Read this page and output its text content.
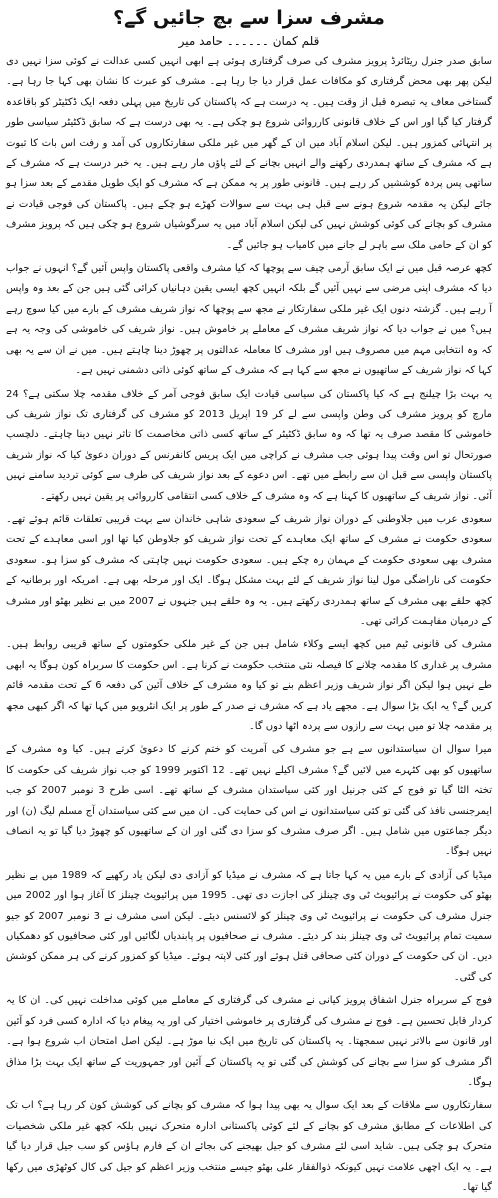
مشرف سزا سے بچ جائیں گے؟
قلم کمان ۔۔۔۔۔۔ حامد میر

سابق صدر جنرل ریٹائرڈ پرویز مشرف کی صرف گرفتاری ہوئی ہے ابھی انہیں کسی عدالت نے کوئی سزا نہیں دی لیکن پھر بھی محض گرفتاری کو مکافات عمل قرار دیا جا رہا ہے۔ مشرف کو عبرت کا نشان بھی کہا جا رہا ہے۔ گستاخی معاف یہ تبصرہ قبل از وقت ہیں۔ یہ درست ہے کہ پاکستان کی تاریخ میں پہلی دفعہ ایک ڈکٹیٹر کو باقاعدہ گرفتار کیا گیا اور اس کے خلاف قانونی کارروائی شروع ہو چکی ہے۔ یہ بھی درست ہے کہ سابق ڈکٹیٹر سیاسی طور پر انتہائی کمزور ہیں۔ لیکن اسلام آباد میں ان کے گھر میں غیر ملکی سفارتکاروں کی آمد و رفت اس بات کا ثبوت ہے کہ مشرف کے ساتھ ہمدردی رکھنے والے انہیں بچانے کے لئے پاؤں مار رہے ہیں۔ یہ خبر درست ہے کہ مشرف کے ساتھی پس پردہ کوششیں کر رہے ہیں۔ قانونی طور پر یہ ممکن ہے کہ مشرف کو ایک طویل مقدمے کے بعد سزا ہو جائے لیکن یہ مقدمہ شروع ہونے سے قبل ہی بہت سے سوالات کھڑے ہو چکے ہیں۔ پاکستان کی فوجی قیادت نے مشرف کو بچانے کی کوئی کوشش نہیں کی لیکن اسلام آباد میں یہ سرگوشیاں شروع ہو چکی ہیں کہ پرویز مشرف کو ان کے حامی ملک سے باہر لے جانے میں کامیاب ہو جائیں گے۔

کچھ عرصہ قبل میں نے ایک سابق آرمی چیف سے پوچھا کہ کیا مشرف واقعی پاکستان واپس آئیں گے؟ انہوں نے جواب دیا کہ مشرف اپنی مرضی سے نہیں آئیں گے بلکہ انہیں کچھ ایسی یقین دہانیاں کرائی گئی ہیں جن کے بعد وہ واپس آ رہے ہیں۔ گزشتہ دنوں ایک غیر ملکی سفارتکار نے مجھ سے پوچھا کہ نواز شریف مشرف کے بارے میں کیا سوچ رہے ہیں؟ میں نے جواب دیا کہ نواز شریف مشرف کے معاملے پر خاموش ہیں۔ نواز شریف کی خاموشی کی وجہ یہ ہے کہ وہ انتخابی مہم میں مصروف ہیں اور مشرف کا معاملہ عدالتوں پر چھوڑ دینا چاہتے ہیں۔ میں نے ان سے یہ بھی کہا کہ نواز شریف کے ساتھیوں نے مجھ سے کہا ہے کہ مشرف کے ساتھ کوئی ذاتی دشمنی نہیں ہے۔

یہ بہت بڑا چیلنج ہے کہ کیا پاکستان کی سیاسی قیادت ایک سابق فوجی آمر کے خلاف مقدمہ چلا سکتی ہے؟ 24 مارچ کو پرویز مشرف کی وطن واپسی سے لے کر 19 اپریل 2013 کو مشرف کی گرفتاری تک نواز شریف کی خاموشی کا مقصد صرف یہ تھا کہ وہ سابق ڈکٹیٹر کے ساتھ کسی ذاتی مخاصمت کا تاثر نہیں دینا چاہتے۔ دلچسپ صورتحال تو اس وقت پیدا ہوئی جب مشرف نے کراچی میں ایک پریس کانفرنس کے دوران دعویٰ کیا کہ نواز شریف پاکستان واپسی سے قبل ان سے رابطے میں تھے۔ اس دعوے کے بعد نواز شریف کی طرف سے کوئی تردید سامنے نہیں آئی۔ نواز شریف کے ساتھیوں کا کہنا ہے کہ وہ مشرف کے خلاف کسی انتقامی کارروائی پر یقین نہیں رکھتے۔

سعودی عرب میں جلاوطنی کے دوران نواز شریف کے سعودی شاہی خاندان سے بہت قریبی تعلقات قائم ہوئے تھے۔ سعودی حکومت نے مشرف کے ساتھ ایک معاہدے کے تحت نواز شریف کو جلاوطن کیا تھا اور اسی معاہدے کے تحت مشرف بھی سعودی حکومت کے مہمان رہ چکے ہیں۔ سعودی حکومت نہیں چاہتی کہ مشرف کو سزا ہو۔ سعودی حکومت کی ناراضگی مول لینا نواز شریف کے لئے بہت مشکل ہوگا۔ ایک اور مرحلہ بھی ہے۔ امریکہ اور برطانیہ کے کچھ حلقے بھی مشرف کے ساتھ ہمدردی رکھتے ہیں۔ یہ وہ حلقے ہیں جنہوں نے 2007 میں بے نظیر بھٹو اور مشرف کے درمیان مفاہمت کرائی تھی۔

مشرف کی قانونی ٹیم میں کچھ ایسے وکلاء شامل ہیں جن کے غیر ملکی حکومتوں کے ساتھ قریبی روابط ہیں۔ مشرف پر غداری کا مقدمہ چلانے کا فیصلہ نئی منتخب حکومت نے کرنا ہے۔ اس حکومت کا سربراہ کون ہوگا یہ ابھی طے نہیں ہوا لیکن اگر نواز شریف وزیر اعظم بنے تو کیا وہ مشرف کے خلاف آئین کی دفعہ 6 کے تحت مقدمہ قائم کریں گے؟ یہ ایک بڑا سوال ہے۔ مجھے یاد ہے کہ مشرف نے صدر کے طور پر ایک انٹرویو میں کہا تھا کہ اگر کبھی مجھ پر مقدمہ چلا تو میں بہت سے رازوں سے پردہ اٹھا دوں گا۔

میرا سوال ان سیاستدانوں سے ہے جو مشرف کی آمریت کو ختم کرنے کا دعویٰ کرتے ہیں۔ کیا وہ مشرف کے ساتھیوں کو بھی کٹہرے میں لائیں گے؟ مشرف اکیلے نہیں تھے۔ 12 اکتوبر 1999 کو جب نواز شریف کی حکومت کا تختہ الٹا گیا تو فوج کے کئی جرنیل اور کئی سیاستدان مشرف کے ساتھ تھے۔ اسی طرح 3 نومبر 2007 کو جب ایمرجنسی نافذ کی گئی تو کئی سیاستدانوں نے اس کی حمایت کی۔ ان میں سے کئی سیاستدان آج مسلم لیگ (ن) اور دیگر جماعتوں میں شامل ہیں۔ اگر صرف مشرف کو سزا دی گئی اور ان کے ساتھیوں کو چھوڑ دیا گیا تو یہ انصاف نہیں ہوگا۔

میڈیا کی آزادی کے بارے میں یہ کہا جاتا ہے کہ مشرف نے میڈیا کو آزادی دی لیکن یاد رکھیے کہ 1989 میں بے نظیر بھٹو کی حکومت نے پرائیویٹ ٹی وی چینلز کی اجازت دی تھی۔ 1995 میں پرائیویٹ چینلز کا آغاز ہوا اور 2002 میں جنرل مشرف کی حکومت نے پرائیویٹ ٹی وی چینلز کو لائسنس دیئے۔ لیکن اسی مشرف نے 3 نومبر 2007 کو جیو سمیت تمام پرائیویٹ ٹی وی چینلز بند کر دیئے۔ مشرف نے صحافیوں پر پابندیاں لگائیں اور کئی صحافیوں کو دھمکیاں دیں۔ ان کی حکومت کے دوران کئی صحافی قتل ہوئے اور کئی لاپتہ ہوئے۔ میڈیا کو کمزور کرنے کی ہر ممکن کوشش کی گئی۔

فوج کے سربراہ جنرل اشفاق پرویز کیانی نے مشرف کی گرفتاری کے معاملے میں کوئی مداخلت نہیں کی۔ ان کا یہ کردار قابل تحسین ہے۔ فوج نے مشرف کی گرفتاری پر خاموشی اختیار کی اور یہ پیغام دیا کہ ادارہ کسی فرد کو آئین اور قانون سے بالاتر نہیں سمجھتا۔ یہ پاکستان کی تاریخ میں ایک نیا موڑ ہے۔ لیکن اصل امتحان اب شروع ہوا ہے۔ اگر مشرف کو سزا سے بچانے کی کوشش کی گئی تو یہ پاکستان کے آئین اور جمہوریت کے ساتھ ایک بہت بڑا مذاق ہوگا۔

سفارتکاروں سے ملاقات کے بعد ایک سوال یہ بھی پیدا ہوا کہ مشرف کو بچانے کی کوشش کون کر رہا ہے؟ اب تک کی اطلاعات کے مطابق مشرف کو بچانے کے لئے کوئی پاکستانی ادارہ متحرک نہیں بلکہ کچھ غیر ملکی شخصیات متحرک ہو چکی ہیں۔ شاید اسی لئے مشرف کو جیل بھیجنے کی بجائے ان کے فارم ہاؤس کو سب جیل قرار دیا گیا ہے۔ یہ ایک اچھی علامت نہیں کیونکہ ذوالفقار علی بھٹو جیسے منتخب وزیر اعظم کو جیل کی کال کوٹھڑی میں رکھا گیا تھا۔
